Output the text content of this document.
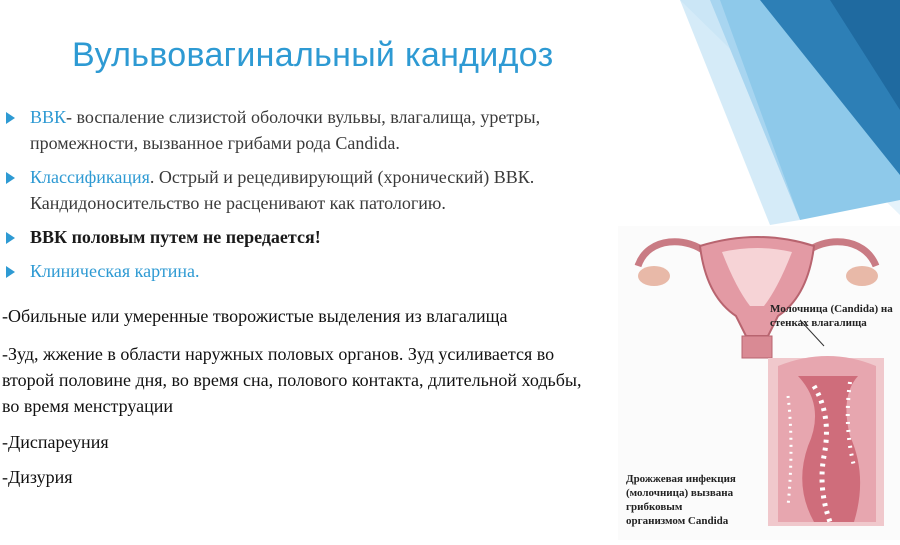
Вульвовагинальный кандидоз
ВВК- воспаление слизистой оболочки вульвы, влагалища, уретры, промежности, вызванное грибами рода Candida.
Классификация. Острый и рецедивирующий (хронический) ВВК. Кандидоносительство не расценивают как патологию.
ВВК половым путем не передается!
Клиническая картина.
-Обильные или умеренные творожистые выделения из влагалища
-Зуд, жжение в области наружных половых органов. Зуд усиливается во второй половине дня, во время сна, полового контакта, длительной ходьбы, во время менструации
-Диспареуния
-Дизурия
Молочница (Candida) на
стенках влагалища
Дрожжевая инфекция
(молочница) вызвана
грибковым
организмом Candida
